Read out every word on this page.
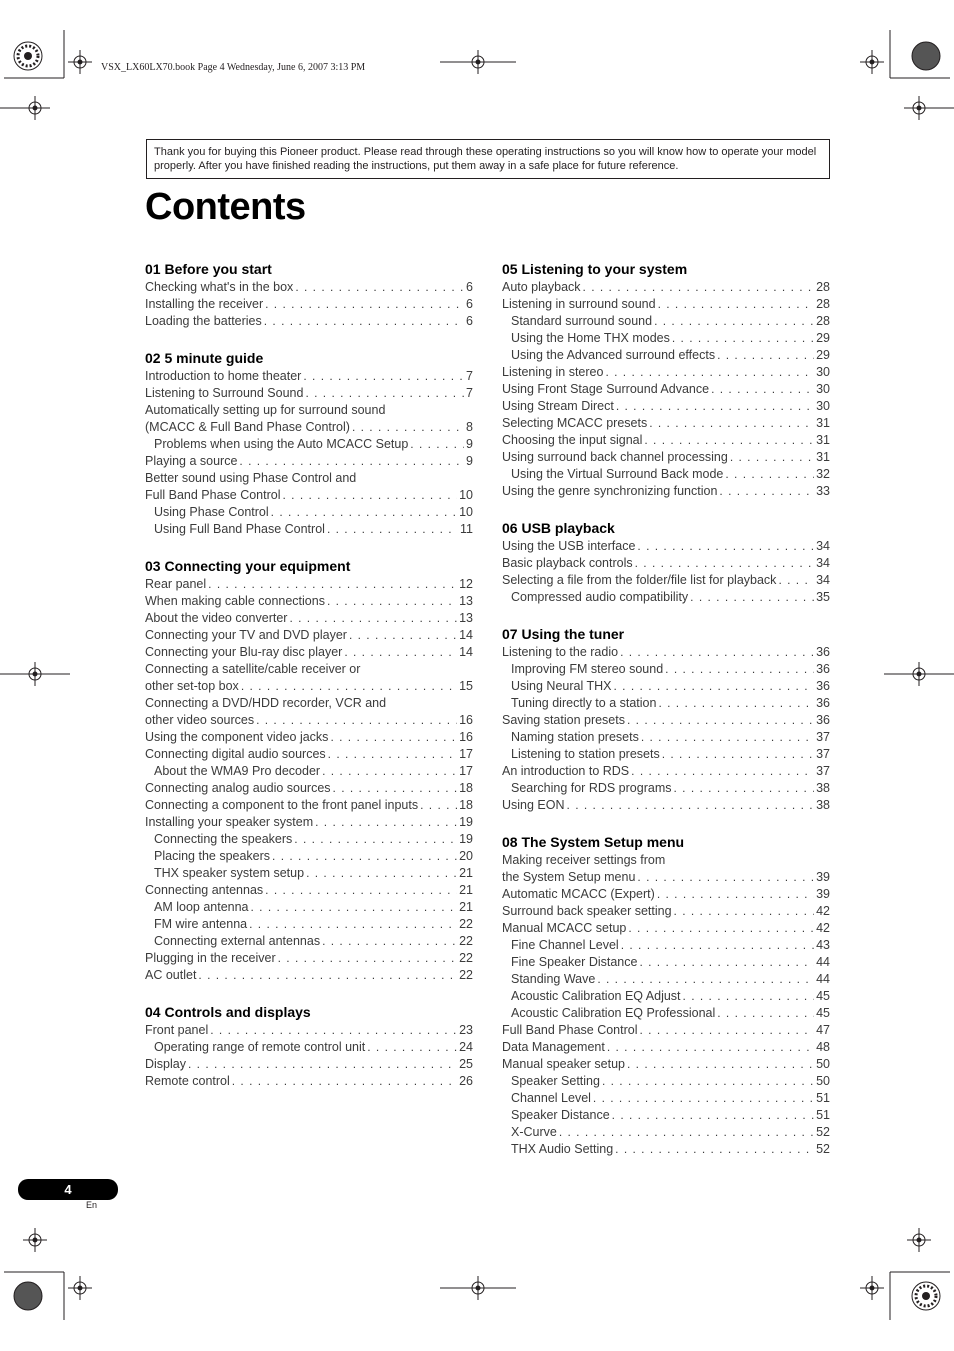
VSX_LX60LX70.book Page 4 Wednesday, June 6, 2007 3:13 PM
Thank you for buying this Pioneer product. Please read through these operating instructions so you will know how to operate your model properly. After you have finished reading the instructions, put them away in a safe place for future reference.
Contents
01 Before you start
Checking what's in the box . . .	6
Installing the receiver . . .	6
Loading the batteries . . .	6
02 5 minute guide
Introduction to home theater . . .	7
Listening to Surround Sound . . .	7
Automatically setting up for surround sound
(MCACC & Full Band Phase Control) . . .	8
Problems when using the Auto MCACC Setup . . .	9
Playing a source . . .	9
Better sound using Phase Control and
Full Band Phase Control . . .	10
Using Phase Control . . .	10
Using Full Band Phase Control . . .	11
03 Connecting your equipment
Rear panel . . .	12
When making cable connections . . .	13
About the video converter . . .	13
Connecting your TV and DVD player . . .	14
Connecting your Blu-ray disc player . . .	14
Connecting a satellite/cable receiver or
other set-top box . . .	15
Connecting a DVD/HDD recorder, VCR and
other video sources . . .	16
Using the component video jacks . . .	16
Connecting digital audio sources . . .	17
About the WMA9 Pro decoder . . .	17
Connecting analog audio sources . . .	18
Connecting a component to the front panel inputs . . .	18
Installing your speaker system . . .	19
Connecting the speakers . . .	19
Placing the speakers . . .	20
THX speaker system setup . . .	21
Connecting antennas . . .	21
AM loop antenna . . .	21
FM wire antenna . . .	22
Connecting external antennas . . .	22
Plugging in the receiver . . .	22
AC outlet . . .	22
04 Controls and displays
Front panel . . .	23
Operating range of remote control unit . . .	24
Display . . .	25
Remote control . . .	26
05 Listening to your system
Auto playback . . .	28
Listening in surround sound . . .	28
Standard surround sound . . .	28
Using the Home THX modes . . .	29
Using the Advanced surround effects . . .	29
Listening in stereo . . .	30
Using Front Stage Surround Advance . . .	30
Using Stream Direct . . .	30
Selecting MCACC presets . . .	31
Choosing the input signal . . .	31
Using surround back channel processing . . .	31
Using the Virtual Surround Back mode . . .	32
Using the genre synchronizing function . . .	33
06 USB playback
Using the USB interface . . .	34
Basic playback controls . . .	34
Selecting a file from the folder/file list for playback . . .	34
Compressed audio compatibility . . .	35
07 Using the tuner
Listening to the radio . . .	36
Improving FM stereo sound . . .	36
Using Neural THX . . .	36
Tuning directly to a station . . .	36
Saving station presets . . .	36
Naming station presets . . .	37
Listening to station presets . . .	37
An introduction to RDS . . .	37
Searching for RDS programs . . .	38
Using EON . . .	38
08 The System Setup menu
Making receiver settings from
the System Setup menu . . .	39
Automatic MCACC (Expert) . . .	39
Surround back speaker setting . . .	42
Manual MCACC setup . . .	42
Fine Channel Level . . .	43
Fine Speaker Distance . . .	44
Standing Wave . . .	44
Acoustic Calibration EQ Adjust . . .	45
Acoustic Calibration EQ Professional . . .	45
Full Band Phase Control . . .	47
Data Management . . .	48
Manual speaker setup . . .	50
Speaker Setting . . .	50
Channel Level . . .	51
Speaker Distance . . .	51
X-Curve . . .	52
THX Audio Setting . . .	52
4
En
